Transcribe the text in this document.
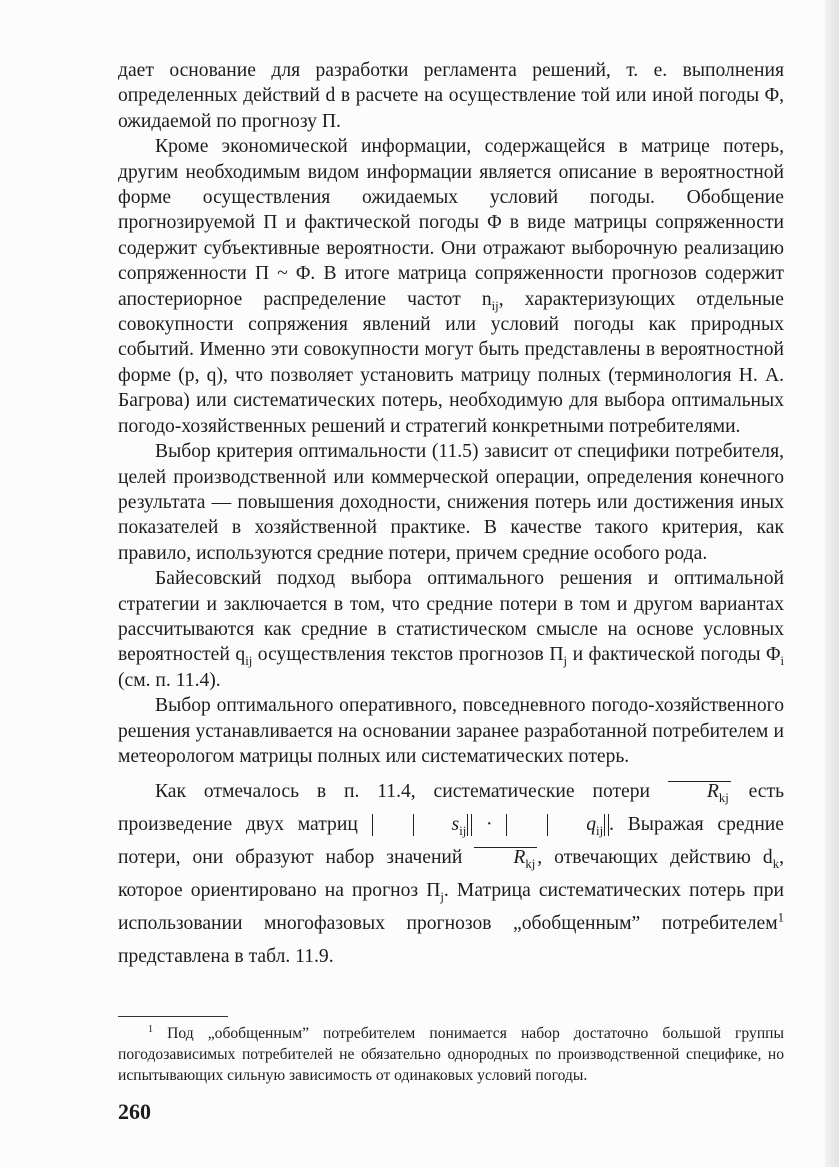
дает основание для разработки регламента решений, т. е. выполнения определенных действий d в расчете на осуществление той или иной погоды Φ, ожидаемой по прогнозу Π.

Кроме экономической информации, содержащейся в матрице потерь, другим необходимым видом информации является описание в вероятностной форме осуществления ожидаемых условий погоды. Обобщение прогнозируемой Π и фактической погоды Φ в виде матрицы сопряженности содержит субъективные вероятности. Они отражают выборочную реализацию сопряженности Π ~ Φ. В итоге матрица сопряженности прогнозов содержит апостериорное распределение частот $n_{ij}$, характеризующих отдельные совокупности сопряжения явлений или условий погоды как природных событий. Именно эти совокупности могут быть представлены в вероятностной форме (p, q), что позволяет установить матрицу полных (терминология Н. А. Багрова) или систематических потерь, необходимую для выбора оптимальных погодо-хозяйственных решений и стратегий конкретными потребителями.

Выбор критерия оптимальности (11.5) зависит от специфики потребителя, целей производственной или коммерческой операции, определения конечного результата — повышения доходности, снижения потерь или достижения иных показателей в хозяйственной практике. В качестве такого критерия, как правило, используются средние потери, причем средние особого рода.

Байесовский подход выбора оптимального решения и оптимальной стратегии и заключается в том, что средние потери в том и другом вариантах рассчитываются как средние в статистическом смысле на основе условных вероятностей $q_{ij}$ осуществления текстов прогнозов $\Pi_j$ и фактической погоды $\Phi_i$ (см. п. 11.4).

Выбор оптимального оперативного, повседневного погодо-хозяйственного решения устанавливается на основании заранее разработанной потребителем и метеорологом матрицы полных или систематических потерь.

Как отмечалось в п. 11.4, систематические потери $R_{kj}$ есть произведение двух матриц	$s_{ij}$ ·	$q_{ij}$ . Выражая средние потери, они образуют набор значений $R_{kj}$ , отвечающих действию $d_k$, которое ориентировано на прогноз $\Pi_j$. Матрица систематических потерь при использовании многофазовых прогнозов „обобщенным” потребителем$^1$ представлена в табл. 11.9.

$^1$ Под „обобщенным” потребителем понимается набор достаточно большой группы погодозависимых потребителей не обязательно однородных по производственной специфике, но испытывающих сильную зависимость от одинаковых условий погоды.
260
